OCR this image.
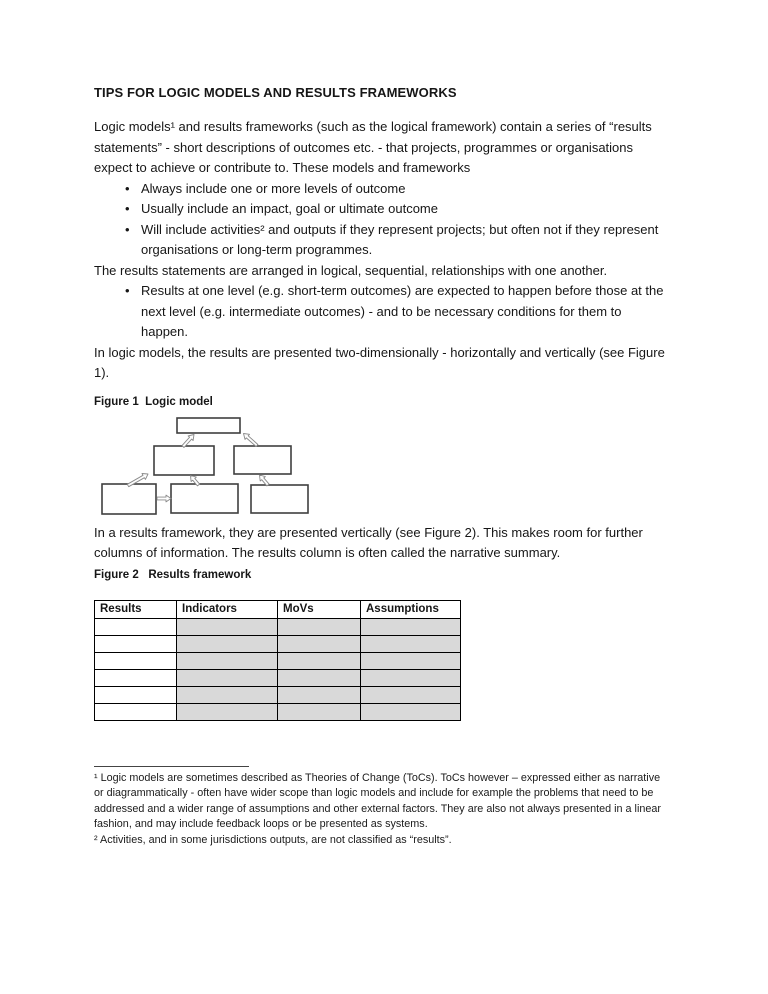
TIPS FOR LOGIC MODELS AND RESULTS FRAMEWORKS

Logic models¹ and results frameworks (such as the logical framework) contain a series of “results statements” - short descriptions of outcomes etc. - that projects, programmes or organisations expect to achieve or contribute to. These models and frameworks

• Always include one or more levels of outcome
• Usually include an impact, goal or ultimate outcome
• Will include activities² and outputs if they represent projects; but often not if they represent organisations or long-term programmes.

The results statements are arranged in logical, sequential, relationships with one another.

• Results at one level (e.g. short-term outcomes) are expected to happen before those at the next level (e.g. intermediate outcomes) - and to be necessary conditions for them to happen.

In logic models, the results are presented two-dimensionally - horizontally and vertically (see Figure 1).

Figure 1  Logic model

In a results framework, they are presented vertically (see Figure 2). This makes room for further columns of information. The results column is often called the narrative summary.

Figure 2   Results framework
Results	Indicators	MoVs	Assumptions

¹ Logic models are sometimes described as Theories of Change (ToCs). ToCs however – expressed either as narrative or diagrammatically - often have wider scope than logic models and include for example the problems that need to be addressed and a wider range of assumptions and other external factors. They are also not always presented in a linear fashion, and may include feedback loops or be presented as systems.

² Activities, and in some jurisdictions outputs, are not classified as “results”.
